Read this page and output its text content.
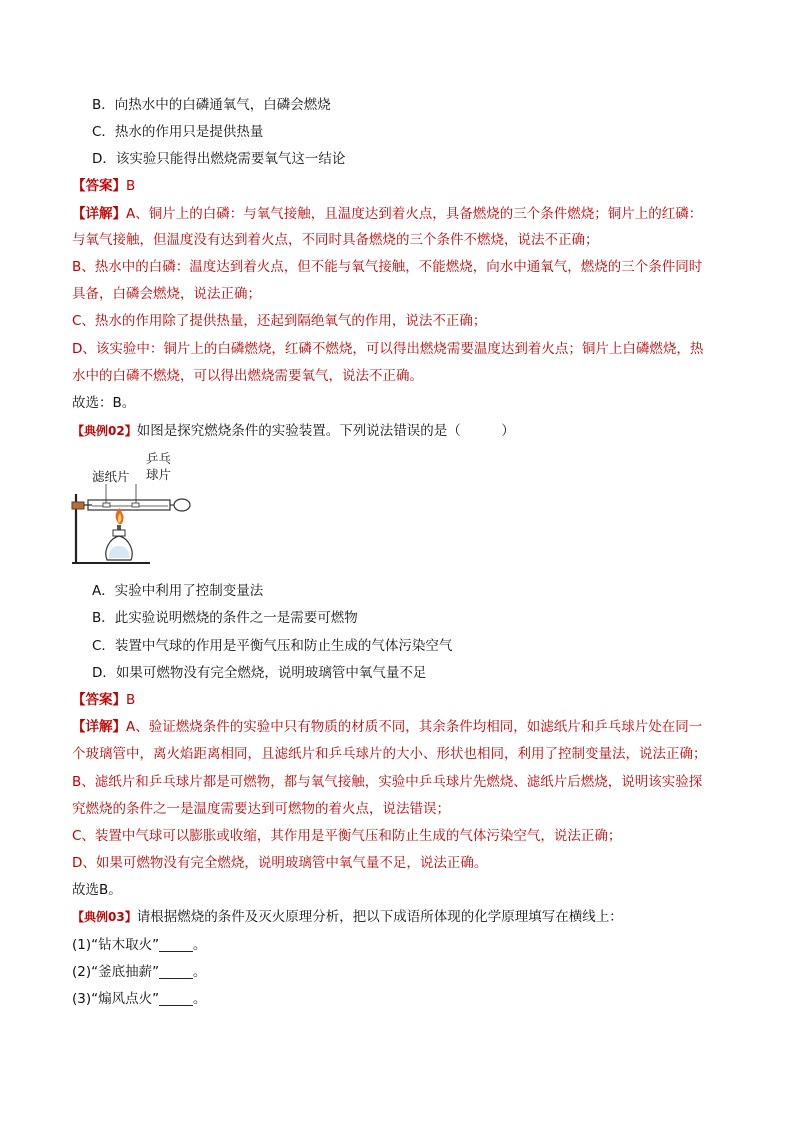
B．向热水中的白磷通氧气，白磷会燃烧
C．热水的作用只是提供热量
D．该实验只能得出燃烧需要氧气这一结论
【答案】B
【详解】A、铜片上的白磷：与氧气接触，且温度达到着火点，具备燃烧的三个条件燃烧；铜片上的红磷：
与氧气接触，但温度没有达到着火点，不同时具备燃烧的三个条件不燃烧，说法不正确；
B、热水中的白磷：温度达到着火点，但不能与氧气接触，不能燃烧，向水中通氧气，燃烧的三个条件同时
具备，白磷会燃烧，说法正确；
C、热水的作用除了提供热量，还起到隔绝氧气的作用，说法不正确；
D、该实验中：铜片上的白磷燃烧，红磷不燃烧，可以得出燃烧需要温度达到着火点；铜片上白磷燃烧，热
水中的白磷不燃烧，可以得出燃烧需要氧气，说法不正确。
故选：B。
【典例02】如图是探究燃烧条件的实验装置。下列说法错误的是（　　　）
乒乓
滤纸片 球片
A．实验中利用了控制变量法
B．此实验说明燃烧的条件之一是需要可燃物
C．装置中气球的作用是平衡气压和防止生成的气体污染空气
D．如果可燃物没有完全燃烧，说明玻璃管中氧气量不足
【答案】B
【详解】A、验证燃烧条件的实验中只有物质的材质不同，其余条件均相同，如滤纸片和乒乓球片处在同一
个玻璃管中，离火焰距离相同，且滤纸片和乒乓球片的大小、形状也相同，利用了控制变量法，说法正确；
B、滤纸片和乒乓球片都是可燃物，都与氧气接触，实验中乒乓球片先燃烧、滤纸片后燃烧，说明该实验探
究燃烧的条件之一是温度需要达到可燃物的着火点，说法错误；
C、装置中气球可以膨胀或收缩，其作用是平衡气压和防止生成的气体污染空气，说法正确；
D、如果可燃物没有完全燃烧，说明玻璃管中氧气量不足，说法正确。
故选B。
【典例03】请根据燃烧的条件及灭火原理分析，把以下成语所体现的化学原理填写在横线上：
(1)“钻木取火”_____。
(2)“釜底抽薪”_____。
(3)“煽风点火”_____。
